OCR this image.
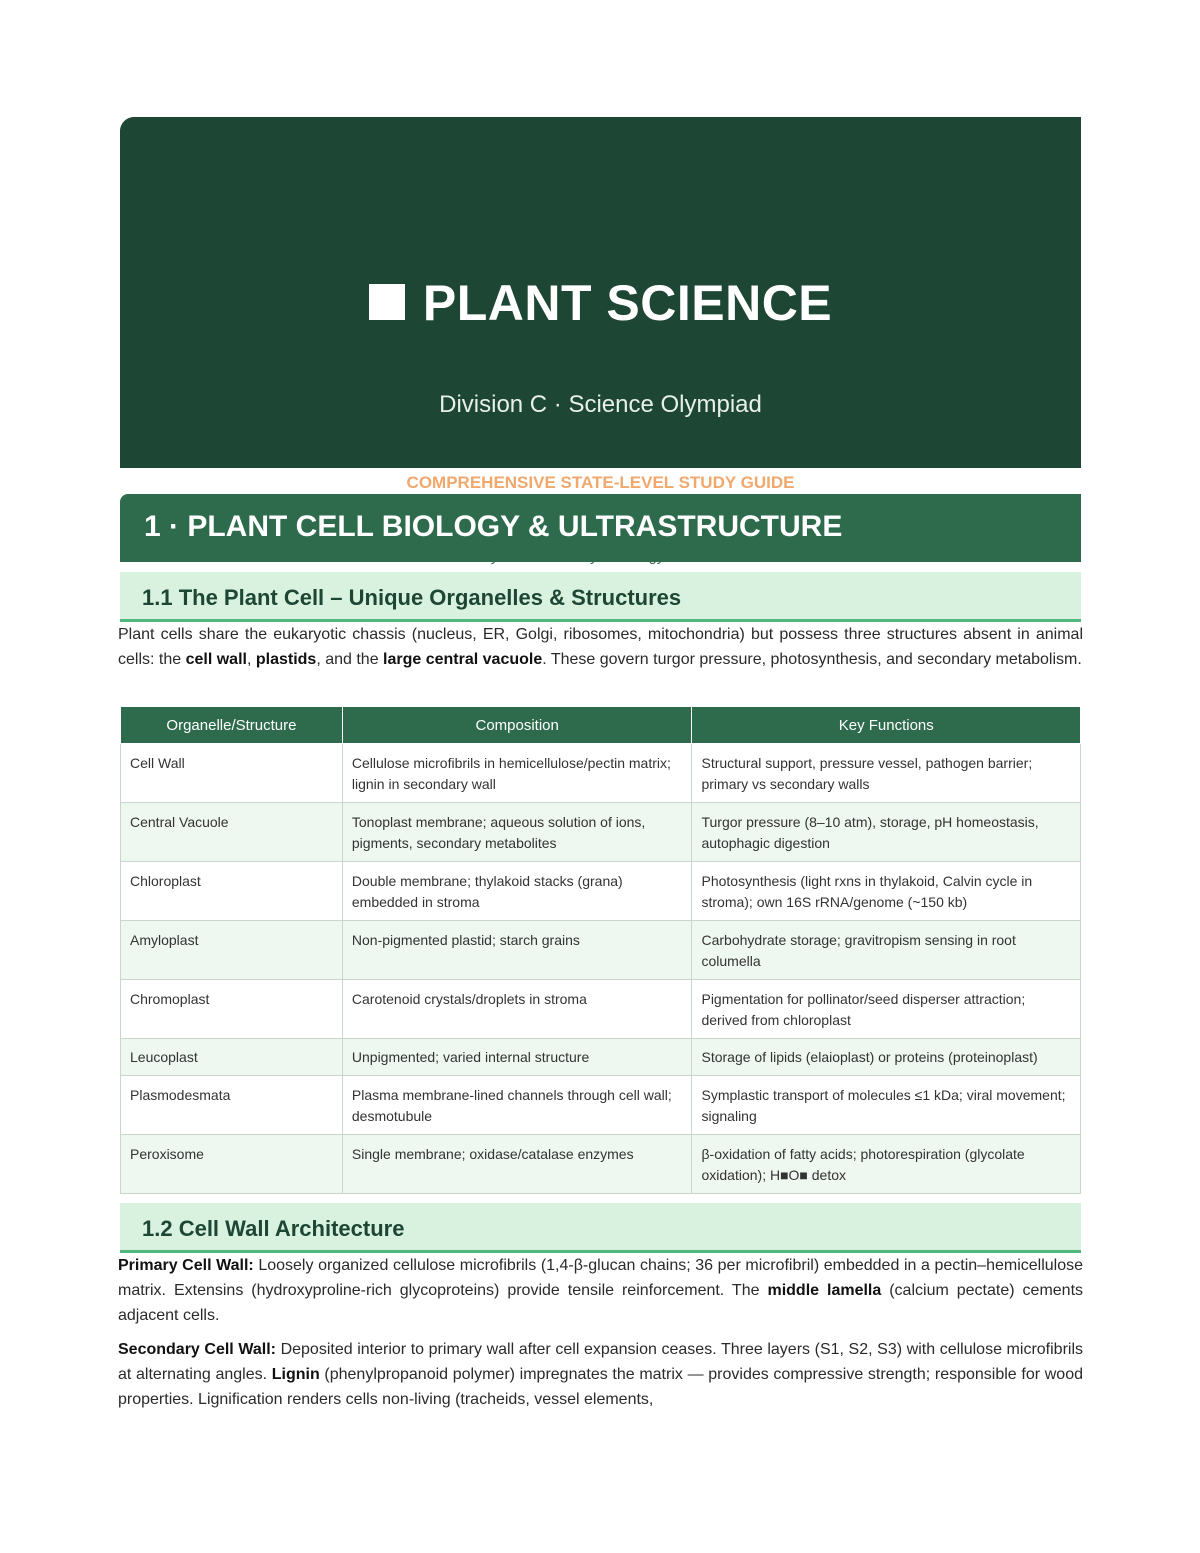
PLANT SCIENCE
Division C · Science Olympiad
COMPREHENSIVE STATE-LEVEL STUDY GUIDE
1 · PLANT CELL BIOLOGY & ULTRASTRUCTURE
1.1 The Plant Cell – Unique Organelles & Structures
Plant cells share the eukaryotic chassis (nucleus, ER, Golgi, ribosomes, mitochondria) but possess three structures absent in animal cells: the cell wall, plastids, and the large central vacuole. These govern turgor pressure, photosynthesis, and secondary metabolism.
Organelle/Structure	Composition	Key Functions
Cell Wall	Cellulose microfibrils in hemicellulose/pectin matrix; lignin in secondary wall	Structural support, pressure vessel, pathogen barrier; primary vs secondary walls
Central Vacuole	Tonoplast membrane; aqueous solution of ions, pigments, secondary metabolites	Turgor pressure (8–10 atm), storage, pH homeostasis, autophagic digestion
Chloroplast	Double membrane; thylakoid stacks (grana) embedded in stroma	Photosynthesis (light rxns in thylakoid, Calvin cycle in stroma); own 16S rRNA/genome (~150 kb)
Amyloplast	Non-pigmented plastid; starch grains	Carbohydrate storage; gravitropism sensing in root columella
Chromoplast	Carotenoid crystals/droplets in stroma	Pigmentation for pollinator/seed disperser attraction; derived from chloroplast
Leucoplast	Unpigmented; varied internal structure	Storage of lipids (elaioplast) or proteins (proteinoplast)
Plasmodesmata	Plasma membrane-lined channels through cell wall; desmotubule	Symplastic transport of molecules ≤1 kDa; viral movement; signaling
Peroxisome	Single membrane; oxidase/catalase enzymes	β-oxidation of fatty acids; photorespiration (glycolate oxidation); H■O■ detox
1.2 Cell Wall Architecture
Primary Cell Wall: Loosely organized cellulose microfibrils (1,4-β-glucan chains; 36 per microfibril) embedded in a pectin–hemicellulose matrix. Extensins (hydroxyproline-rich glycoproteins) provide tensile reinforcement. The middle lamella (calcium pectate) cements adjacent cells.
Secondary Cell Wall: Deposited interior to primary wall after cell expansion ceases. Three layers (S1, S2, S3) with cellulose microfibrils at alternating angles. Lignin (phenylpropanoid polymer) impregnates the matrix — provides compressive strength; responsible for wood properties. Lignification renders cells non-living (tracheids, vessel elements,
